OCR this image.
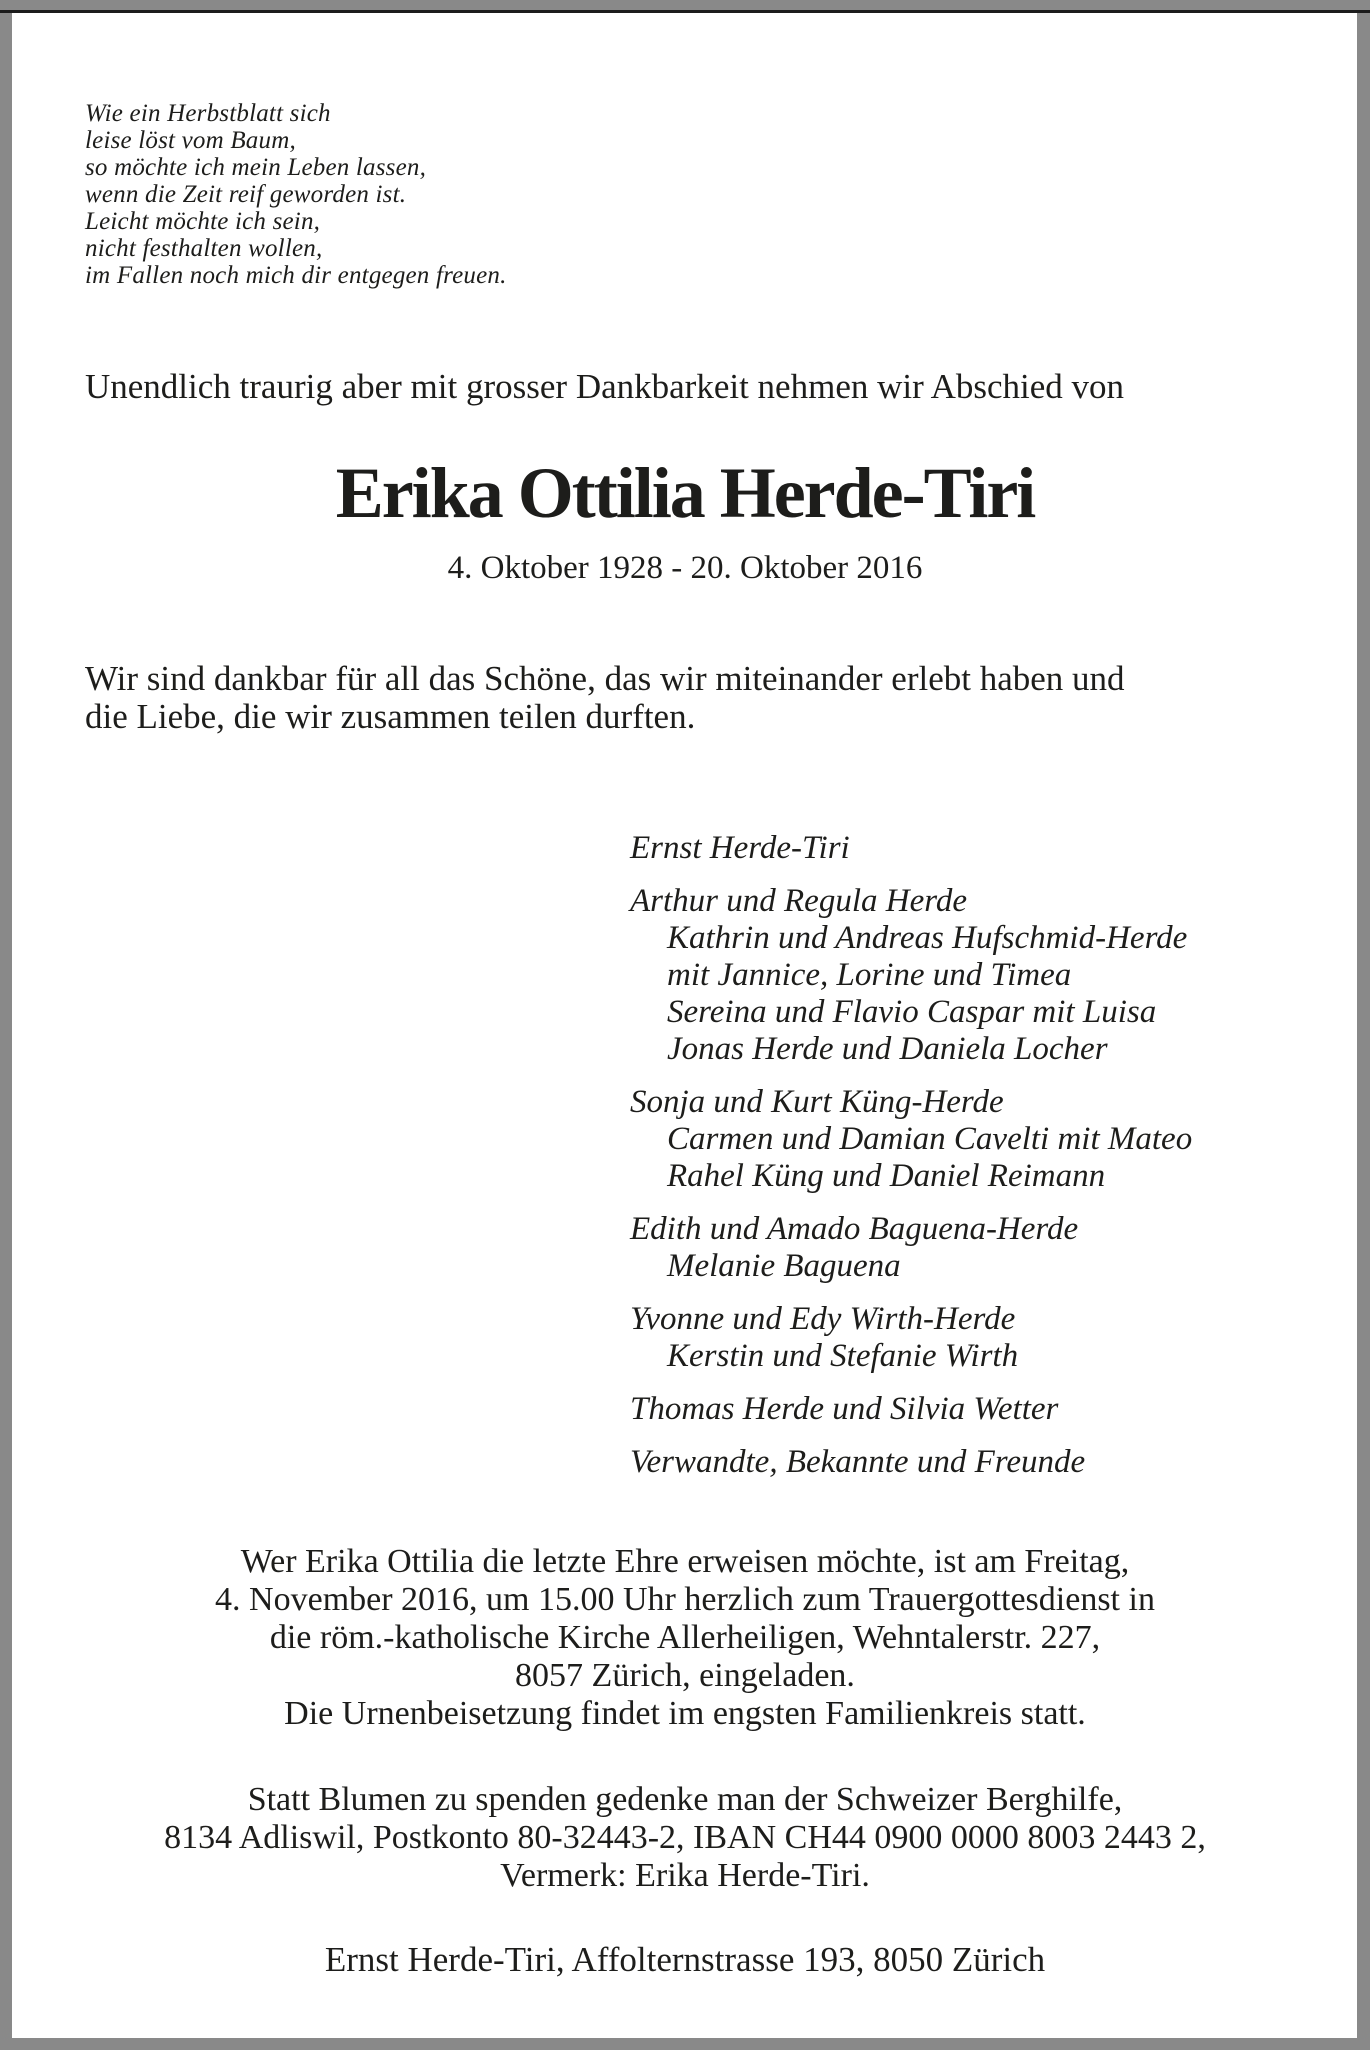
Wie ein Herbstblatt sich
leise löst vom Baum,
so möchte ich mein Leben lassen,
wenn die Zeit reif geworden ist.
Leicht möchte ich sein,
nicht festhalten wollen,
im Fallen noch mich dir entgegen freuen.
Unendlich traurig aber mit grosser Dankbarkeit nehmen wir Abschied von
Erika Ottilia Herde-Tiri
4. Oktober 1928 - 20. Oktober 2016
Wir sind dankbar für all das Schöne, das wir miteinander erlebt haben und
die Liebe, die wir zusammen teilen durften.
Ernst Herde-Tiri
Arthur und Regula Herde
Kathrin und Andreas Hufschmid-Herde
mit Jannice, Lorine und Timea
Sereina und Flavio Caspar mit Luisa
Jonas Herde und Daniela Locher
Sonja und Kurt Küng-Herde
Carmen und Damian Cavelti mit Mateo
Rahel Küng und Daniel Reimann
Edith und Amado Baguena-Herde
Melanie Baguena
Yvonne und Edy Wirth-Herde
Kerstin und Stefanie Wirth
Thomas Herde und Silvia Wetter
Verwandte, Bekannte und Freunde
Wer Erika Ottilia die letzte Ehre erweisen möchte, ist am Freitag,
4. November 2016, um 15.00 Uhr herzlich zum Trauergottesdienst in
die röm.-katholische Kirche Allerheiligen, Wehntalerstr. 227,
8057 Zürich, eingeladen.
Die Urnenbeisetzung findet im engsten Familienkreis statt.
Statt Blumen zu spenden gedenke man der Schweizer Berghilfe,
8134 Adliswil, Postkonto 80-32443-2, IBAN CH44 0900 0000 8003 2443 2,
Vermerk: Erika Herde-Tiri.
Ernst Herde-Tiri, Affolternstrasse 193, 8050 Zürich
